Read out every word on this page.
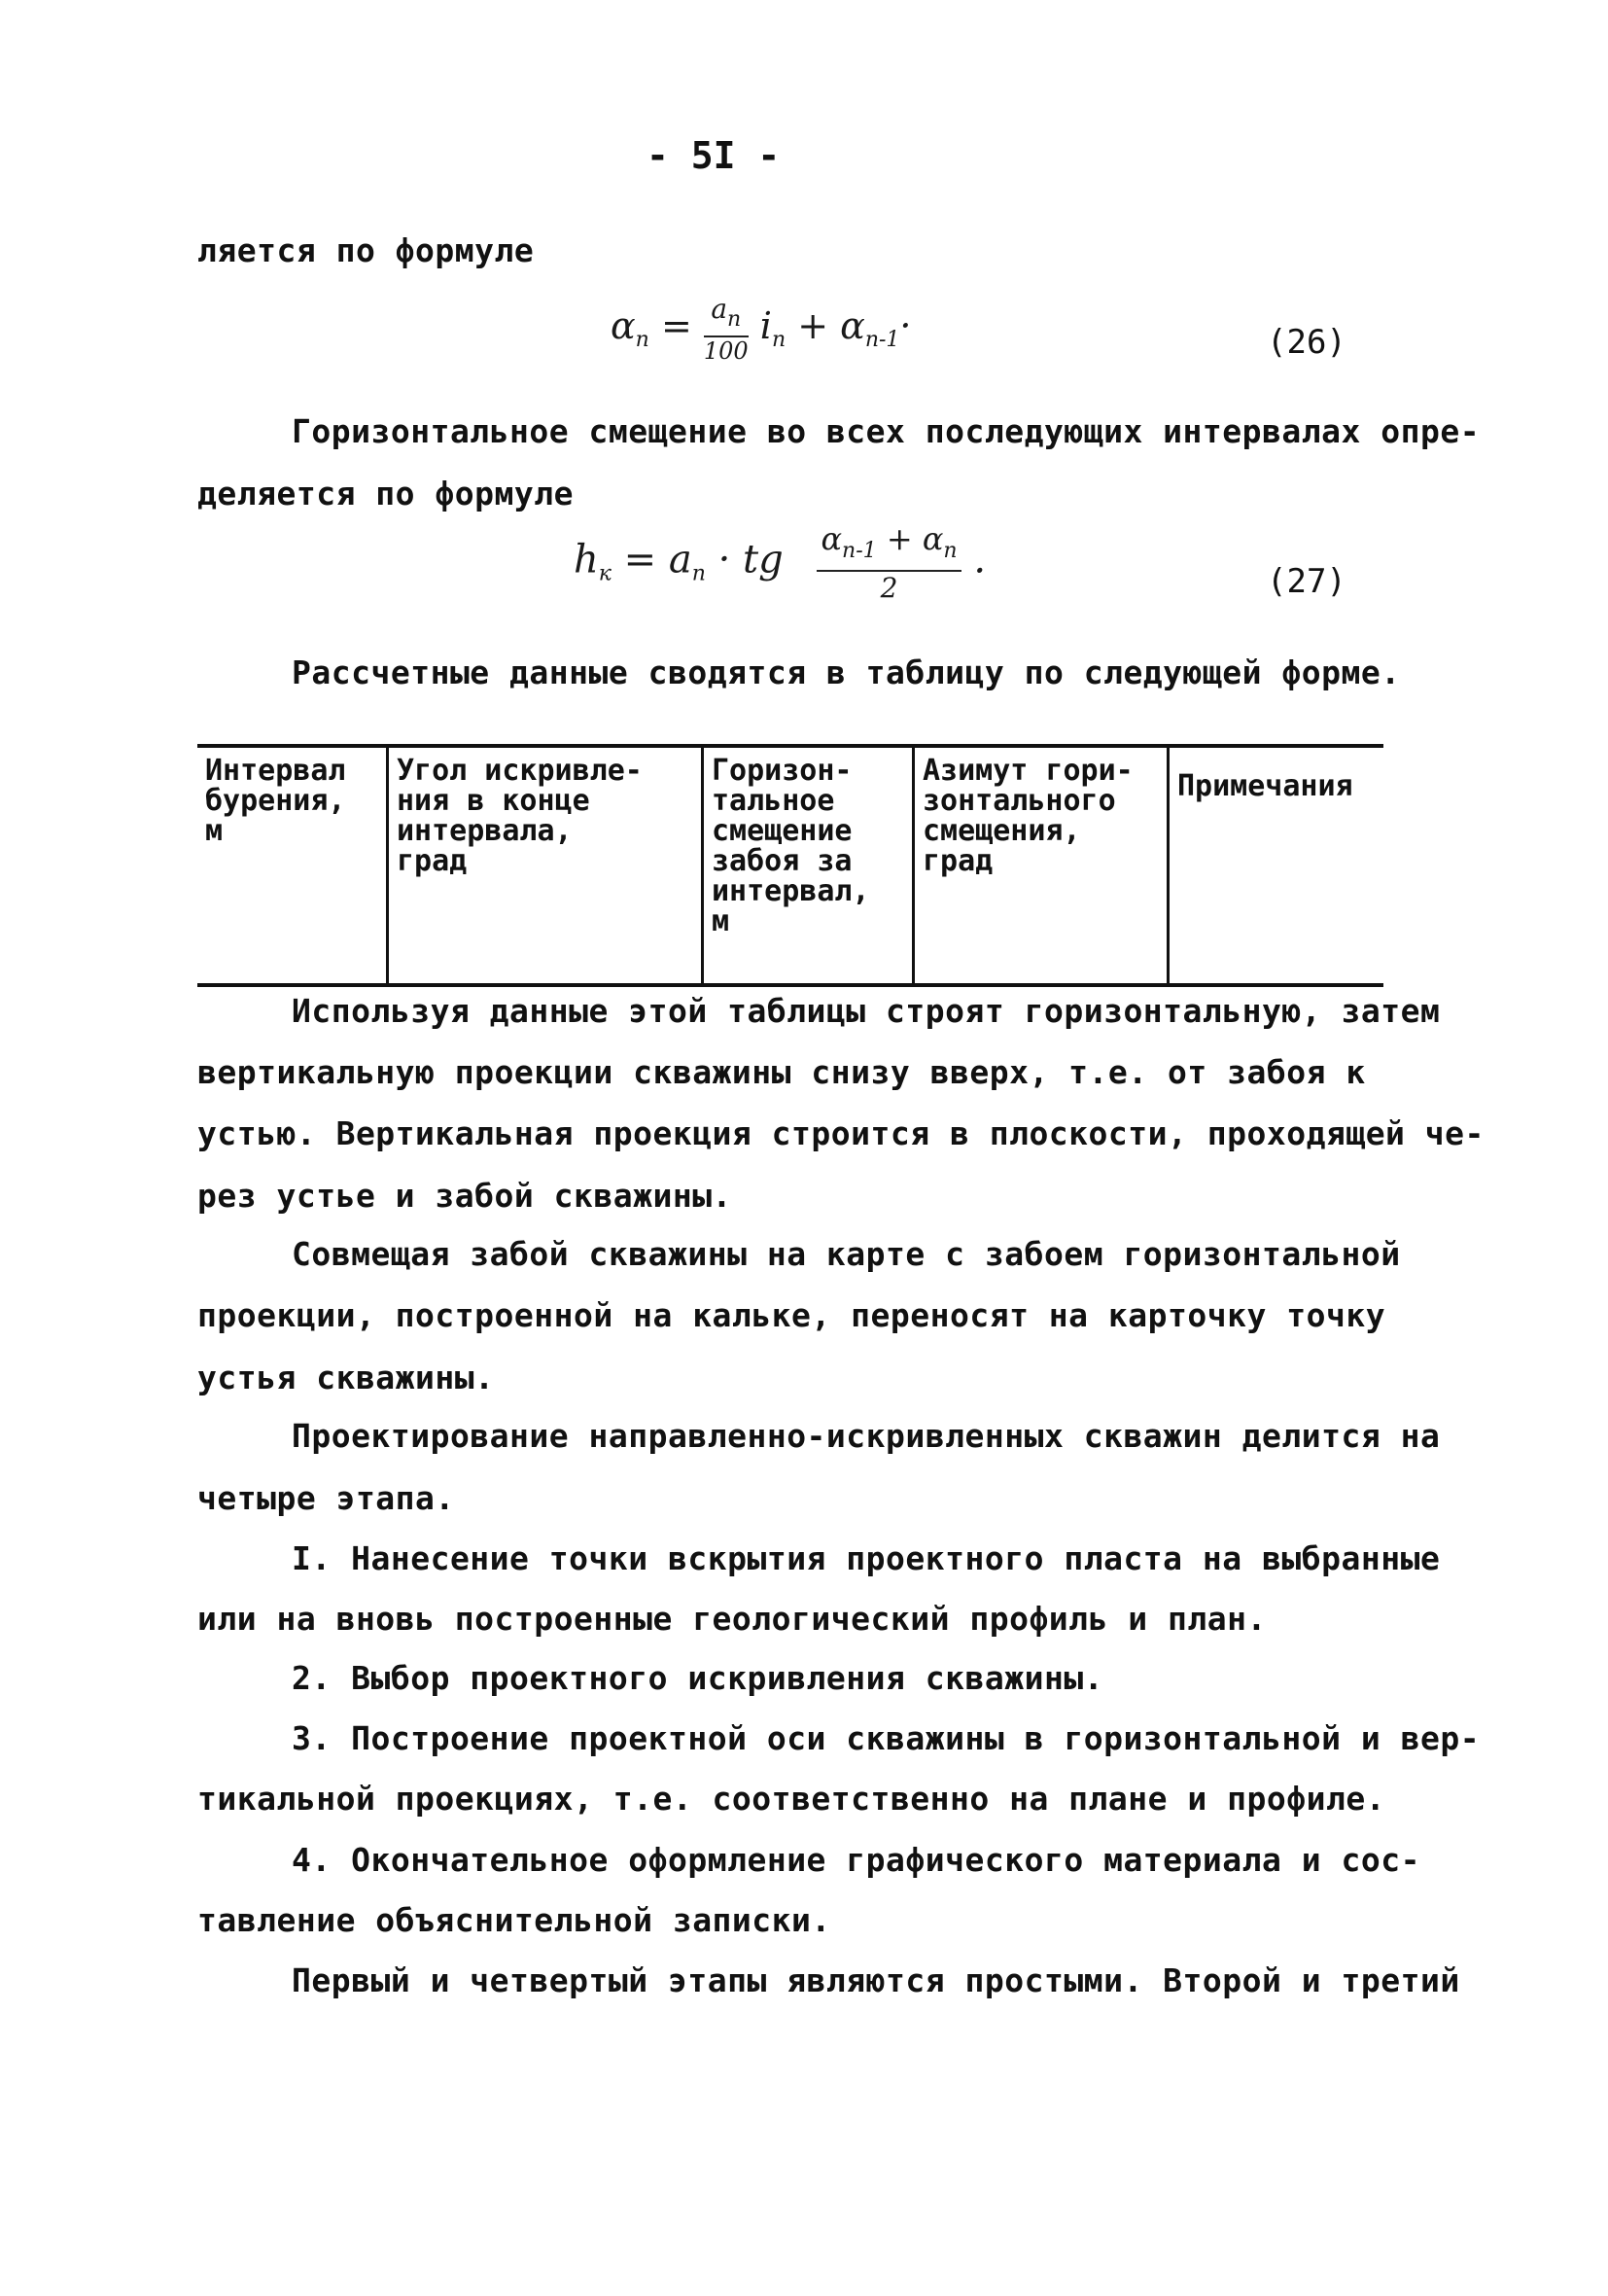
- 5I -
ляется по формуле
$\alpha_n = \frac{a_n}{100} i_n + \alpha_{n-1}\cdot$	(26)
Горизонтальное смещение во всех последующих интервалах опре-
деляется по формуле
$h_к = a_n$ · tg $\frac{\alpha_{n-1} + \alpha_n}{2}$ .	(27)
Рассчетные данные сводятся в таблицу по следующей форме.
Интервал
бурения,
м	Угол искривле-
ния в конце
интервала,
град	Горизон-
тальное
смещение
забоя за
интервал,
м	Азимут гори-
зонтального
смещения,
град	Примечания
Используя данные этой таблицы строят горизонтальную, затем
вертикальную проекции скважины снизу вверх, т.е. от забоя к
устью. Вертикальная проекция строится в плоскости, проходящей че-
рез устье и забой скважины.
Совмещая забой скважины на карте с забоем горизонтальной
проекции, построенной на кальке, переносят на карточку точку
устья скважины.
Проектирование направленно-искривленных скважин делится на
четыре этапа.
I. Нанесение точки вскрытия проектного пласта на выбранные
или на вновь построенные геологический профиль и план.
2. Выбор проектного искривления скважины.
3. Построение проектной оси скважины в горизонтальной и вер-
тикальной проекциях, т.е. соответственно на плане и профиле.
4. Окончательное оформление графического материала и сос-
тавление объяснительной записки.
Первый и четвертый этапы являются простыми. Второй и третий
